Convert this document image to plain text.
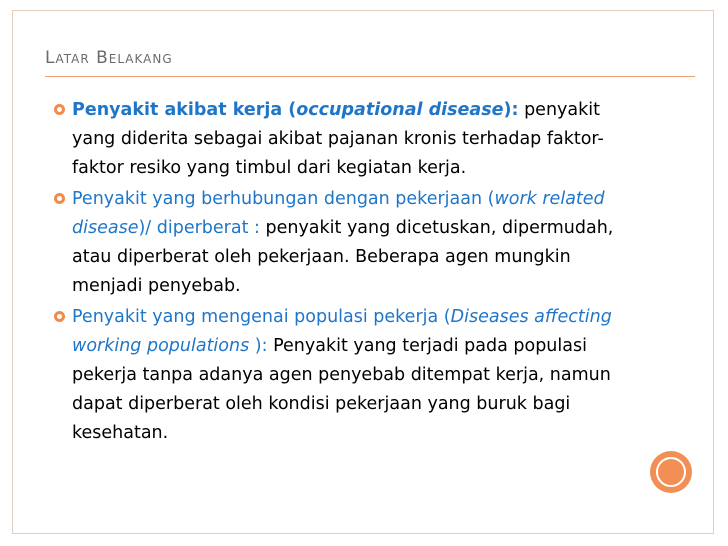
Latar Belakang
Penyakit akibat kerja (occupational disease): penyakit yang diderita sebagai akibat pajanan kronis terhadap faktor-faktor resiko yang timbul dari kegiatan kerja.
Penyakit yang berhubungan dengan pekerjaan (work related disease)/ diperberat : penyakit yang dicetuskan, dipermudah, atau diperberat oleh pekerjaan. Beberapa agen mungkin menjadi penyebab.
Penyakit yang mengenai populasi pekerja (Diseases affecting working populations ): Penyakit yang terjadi pada populasi pekerja tanpa adanya agen penyebab ditempat kerja, namun dapat diperberat oleh kondisi pekerjaan yang buruk bagi kesehatan.
